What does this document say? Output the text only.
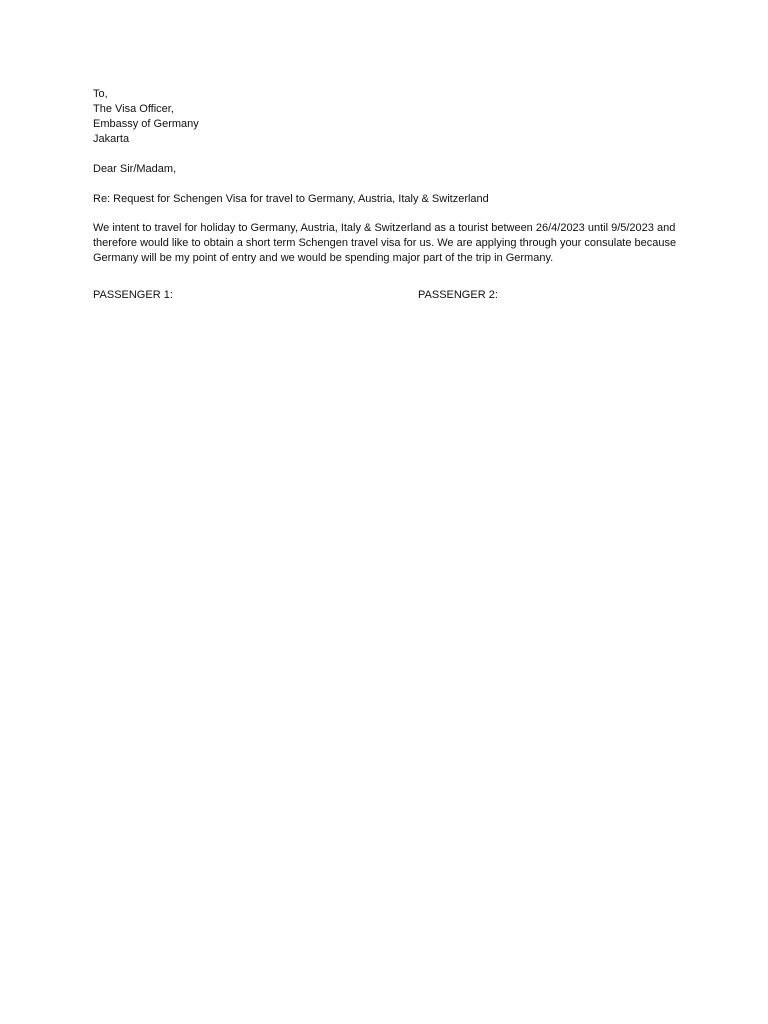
To,
The Visa Officer,
Embassy of Germany
Jakarta
Dear Sir/Madam,
Re: Request for Schengen Visa for travel to Germany, Austria, Italy & Switzerland
We intent to travel for holiday to Germany, Austria, Italy & Switzerland as a tourist between 26/4/2023 until 9/5/2023 and therefore would like to obtain a short term Schengen travel visa for us. We are applying through your consulate because Germany will be my point of entry and we would be spending major part of the trip in Germany.
PASSENGER 1:	PASSENGER 2:
